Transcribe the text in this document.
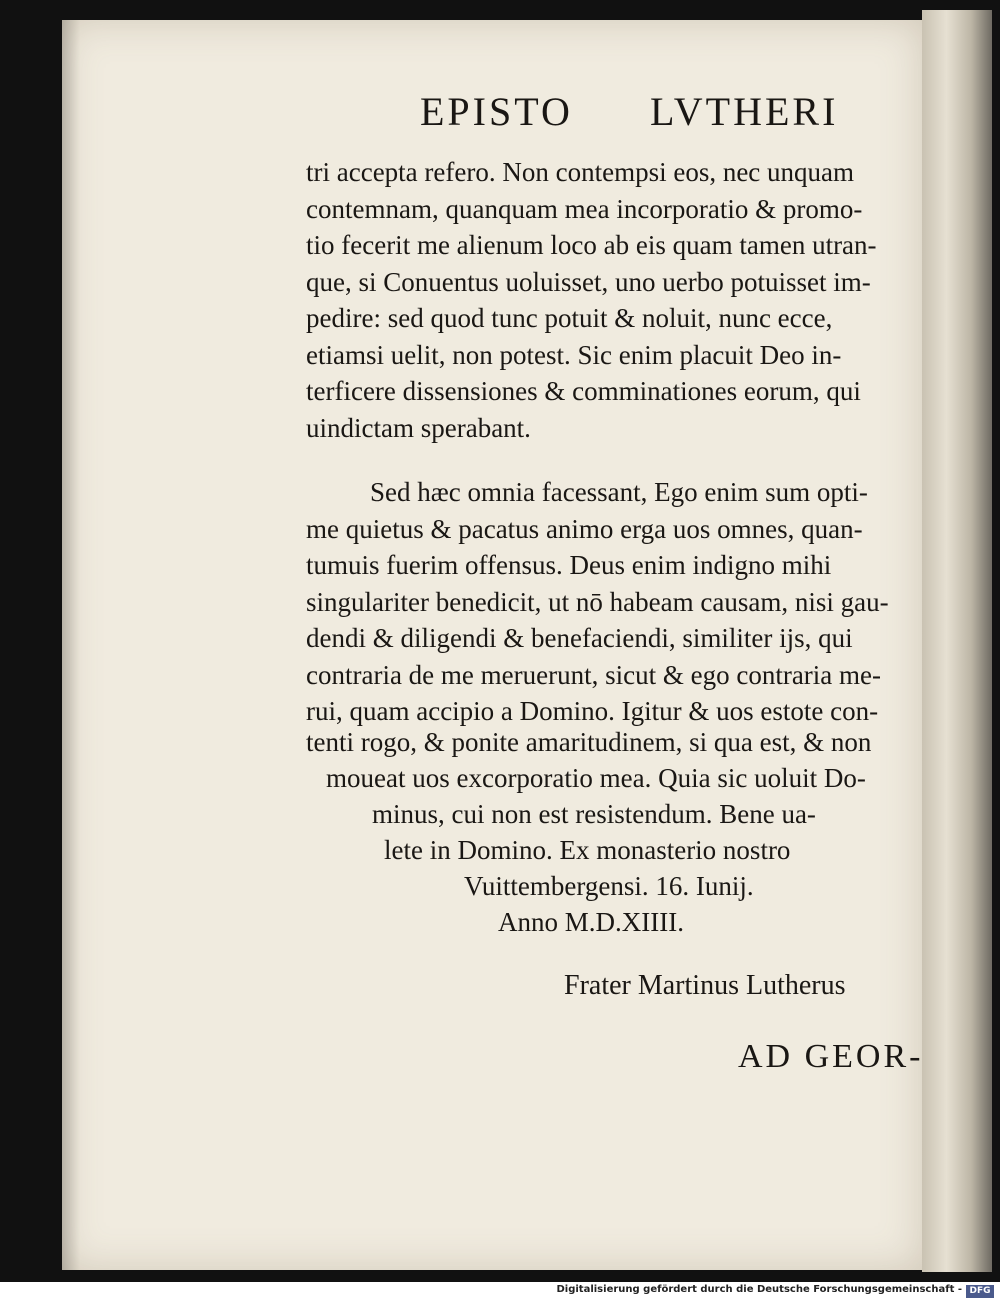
EPISTO LVTHERI
tri accepta refero. Non contempsi eos, nec unquam
contemnam, quanquam mea incorporatio & promo-
tio fecerit me alienum loco ab eis quam tamen utran-
que, si Conuentus uoluisset, uno uerbo potuisset im-
pedire: sed quod tunc potuit & noluit, nunc ecce,
etiamsi uelit, non potest. Sic enim placuit Deo in-
terficere dissensiones & comminationes eorum, qui
uindictam sperabant.
Sed hæc omnia facessant, Ego enim sum opti-
me quietus & pacatus animo erga uos omnes, quan-
tumuis fuerim offensus. Deus enim indigno mihi
singulariter benedicit, ut nō habeam causam, nisi gau-
dendi & diligendi & benefaciendi, similiter ijs, qui
contraria de me meruerunt, sicut & ego contraria me-
rui, quam accipio a Domino. Igitur & uos estote con-

tenti rogo, & ponite amaritudinem, si qua est, & non

moueat uos excorporatio mea. Quia sic uoluit Do-

minus, cui non est resistendum. Bene ua-

lete in Domino. Ex monasterio nostro

Vuittembergensi. 16. Iunij.

Anno M.D.XIIII.

Frater Martinus Lutherus
AD GEOR-
Digitalisierung gefördert durch die Deutsche Forschungsgemeinschaft - DFG
